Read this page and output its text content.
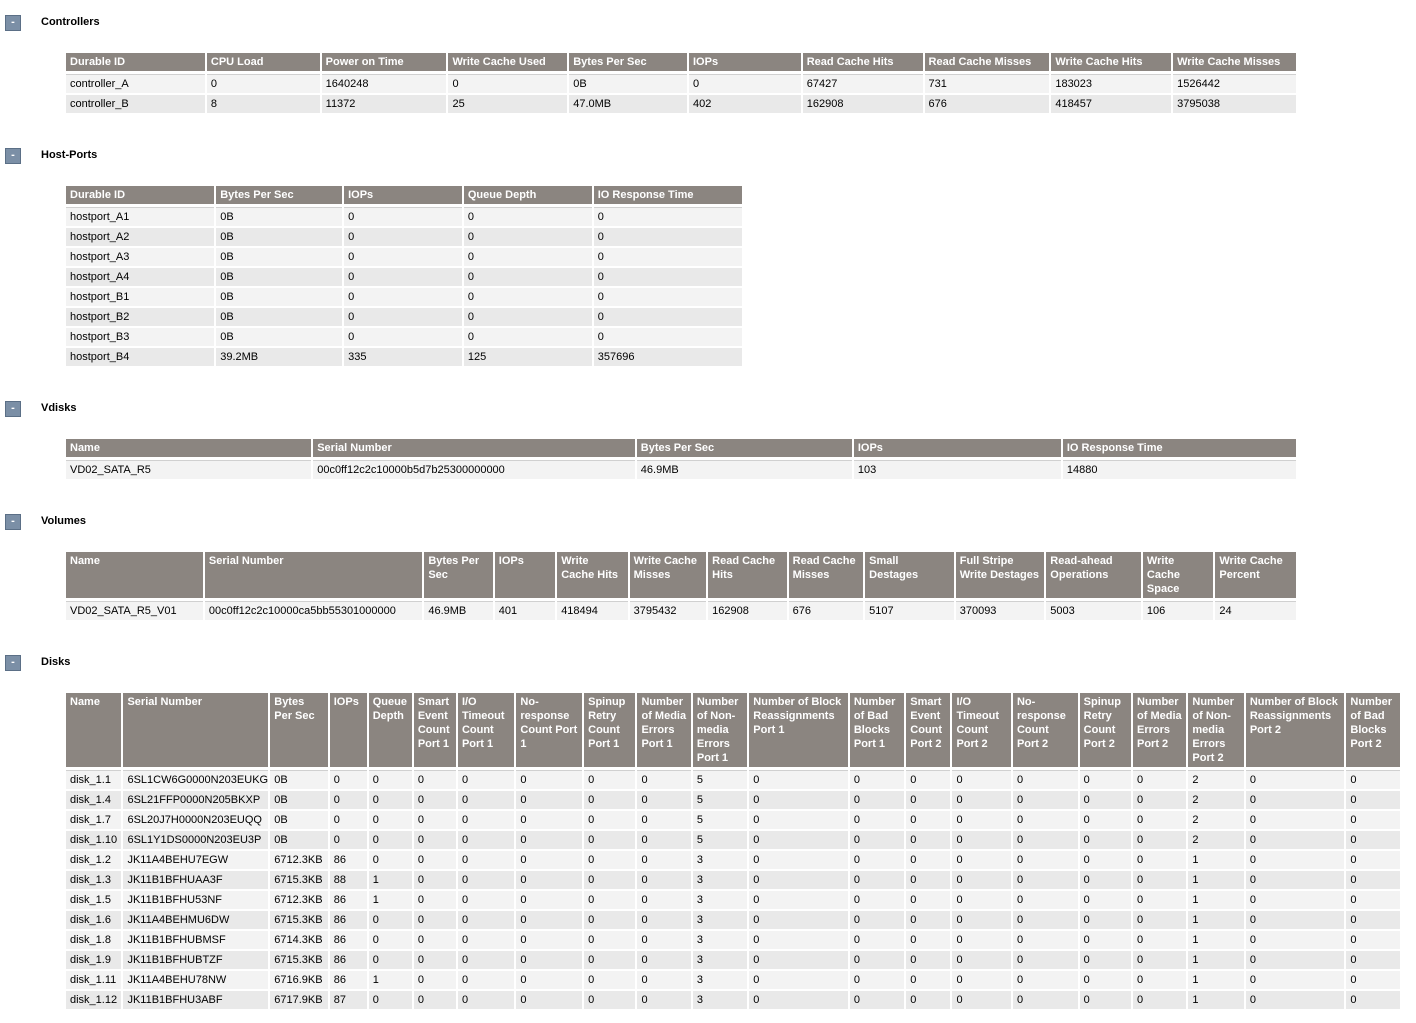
-	Controllers
Durable ID	CPU Load	Power on Time	Write Cache Used	Bytes Per Sec	IOPs	Read Cache Hits	Read Cache Misses	Write Cache Hits	Write Cache Misses
controller_A	0	1640248	0	0B	0	67427	731	183023	1526442
controller_B	8	11372	25	47.0MB	402	162908	676	418457	3795038
-	Host-Ports
Durable ID	Bytes Per Sec	IOPs	Queue Depth	IO Response Time
hostport_A1	0B	0	0	0
hostport_A2	0B	0	0	0
hostport_A3	0B	0	0	0
hostport_A4	0B	0	0	0
hostport_B1	0B	0	0	0
hostport_B2	0B	0	0	0
hostport_B3	0B	0	0	0
hostport_B4	39.2MB	335	125	357696
-	Vdisks
Name	Serial Number	Bytes Per Sec	IOPs	IO Response Time
VD02_SATA_R5	00c0ff12c2c10000b5d7b25300000000	46.9MB	103	14880
-	Volumes
Name	Serial Number	Bytes Per Sec	IOPs	Write Cache Hits	Write Cache Misses	Read Cache Hits	Read Cache Misses	Small Destages	Full Stripe Write Destages	Read-ahead Operations	Write Cache Space	Write Cache Percent
VD02_SATA_R5_V01	00c0ff12c2c10000ca5bb55301000000	46.9MB	401	418494	3795432	162908	676	5107	370093	5003	106	24
-	Disks
Name	Serial Number	Bytes Per Sec	IOPs	Queue Depth	Smart Event Count Port 1	I/O Timeout Count Port 1	No-response Count Port 1	Spinup Retry Count Port 1	Number of Media Errors Port 1	Number of Non-media Errors Port 1	Number of Block Reassignments Port 1	Number of Bad Blocks Port 1	Smart Event Count Port 2	I/O Timeout Count Port 2	No-response Count Port 2	Spinup Retry Count Port 2	Number of Media Errors Port 2	Number of Non-media Errors Port 2	Number of Block Reassignments Port 2	Number of Bad Blocks Port 2
disk_1.1	6SL1CW6G0000N203EUKG	0B	0	0	0	0	0	0	0	5	0	0	0	0	0	0	0	2	0	0
disk_1.4	6SL21FFP0000N205BKXP	0B	0	0	0	0	0	0	0	5	0	0	0	0	0	0	0	2	0	0
disk_1.7	6SL20J7H0000N203EUQQ	0B	0	0	0	0	0	0	0	5	0	0	0	0	0	0	0	2	0	0
disk_1.10	6SL1Y1DS0000N203EU3P	0B	0	0	0	0	0	0	0	5	0	0	0	0	0	0	0	2	0	0
disk_1.2	JK11A4BEHU7EGW	6712.3KB	86	0	0	0	0	0	0	3	0	0	0	0	0	0	0	1	0	0
disk_1.3	JK11B1BFHUAA3F	6715.3KB	88	1	0	0	0	0	0	3	0	0	0	0	0	0	0	1	0	0
disk_1.5	JK11B1BFHU53NF	6712.3KB	86	1	0	0	0	0	0	3	0	0	0	0	0	0	0	1	0	0
disk_1.6	JK11A4BEHMU6DW	6715.3KB	86	0	0	0	0	0	0	3	0	0	0	0	0	0	0	1	0	0
disk_1.8	JK11B1BFHUBMSF	6714.3KB	86	0	0	0	0	0	0	3	0	0	0	0	0	0	0	1	0	0
disk_1.9	JK11B1BFHUBTZF	6715.3KB	86	0	0	0	0	0	0	3	0	0	0	0	0	0	0	1	0	0
disk_1.11	JK11A4BEHU78NW	6716.9KB	86	1	0	0	0	0	0	3	0	0	0	0	0	0	0	1	0	0
disk_1.12	JK11B1BFHU3ABF	6717.9KB	87	0	0	0	0	0	0	3	0	0	0	0	0	0	0	1	0	0
